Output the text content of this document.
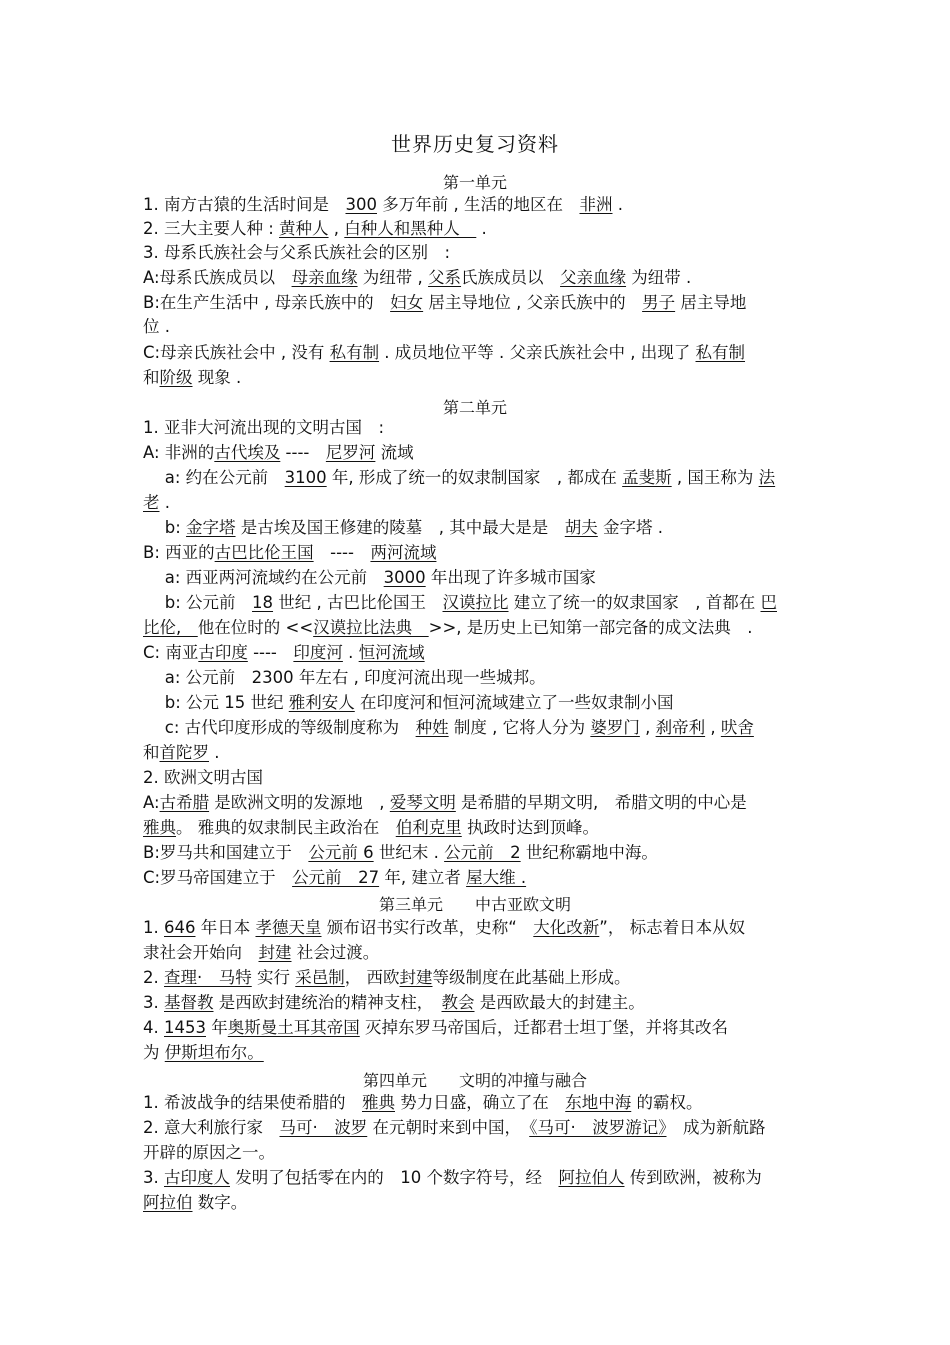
世界历史复习资料
第一单元
第二单元
第三单元　　中古亚欧文明
第四单元　　文明的冲撞与融合
1. 南方古猿的生活时间是　300 多万年前 , 生活的地区在　非洲 .
2. 三大主要人种 : 黄种人 , 白种人和黑种人　 .
3. 母系氏族社会与父系氏族社会的区别　:
A:母系氏族成员以　母亲血缘 为纽带 , 父系氏族成员以　父亲血缘 为纽带 .
B:在生产生活中 , 母亲氏族中的　妇女 居主导地位 , 父亲氏族中的　男子 居主导地
位 .
C:母亲氏族社会中 , 没有 私有制 . 成员地位平等 . 父亲氏族社会中 , 出现了 私有制
和阶级 现象 .
1. 亚非大河流出现的文明古国　:
A: 非洲的古代埃及 ----　尼罗河 流域
　 a: 约在公元前　3100 年, 形成了统一的奴隶制国家　, 都成在 孟斐斯 , 国王称为 法
老 .
　 b: 金字塔 是古埃及国王修建的陵墓　, 其中最大是是　胡夫 金字塔 .
B: 西亚的古巴比伦王国　----　两河流域
　 a: 西亚两河流域约在公元前　3000 年出现了许多城市国家
　 b: 公元前　18 世纪 , 古巴比伦国王　汉谟拉比 建立了统一的奴隶国家　, 首都在 巴
比伦,　他在位时的 <<汉谟拉比法典　>>, 是历史上已知第一部完备的成文法典　.
C: 南亚古印度 ----　印度河 . 恒河流域
　 a: 公元前　2300 年左右 , 印度河流出现一些城邦。
　 b: 公元 15 世纪 雅利安人 在印度河和恒河流域建立了一些奴隶制小国
　 c: 古代印度形成的等级制度称为　种姓 制度 , 它将人分为 婆罗门 , 刹帝利 , 吠舍
和首陀罗 .
2. 欧洲文明古国
A:古希腊 是欧洲文明的发源地　, 爱琴文明 是希腊的早期文明,　希腊文明的中心是
雅典。 雅典的奴隶制民主政治在　伯利克里 执政时达到顶峰。
B:罗马共和国建立于　公元前 6 世纪末 . 公元前　2 世纪称霸地中海。
C:罗马帝国建立于　公元前　27 年, 建立者 屋大维 .
1. 646 年日本 孝德天皇 颁布诏书实行改革，史称“　大化改新”， 标志着日本从奴
隶社会开始向　封建 社会过渡。
2. 查理·　马特 实行 采邑制， 西欧封建等级制度在此基础上形成。
3. 基督教 是西欧封建统治的精神支柱，　教会 是西欧最大的封建主。
4. 1453 年奥斯曼土耳其帝国 灭掉东罗马帝国后，迁都君士坦丁堡，并将其改名
为 伊斯坦布尔。
1. 希波战争的结果使希腊的　雅典 势力日盛，确立了在　东地中海 的霸权。
2. 意大利旅行家　马可·　波罗 在元朝时来到中国，　《马可·　波罗游记》　成为新航路
开辟的原因之一。
3. 古印度人 发明了包括零在内的　10 个数字符号，经　阿拉伯人 传到欧洲，被称为
阿拉伯 数字。
